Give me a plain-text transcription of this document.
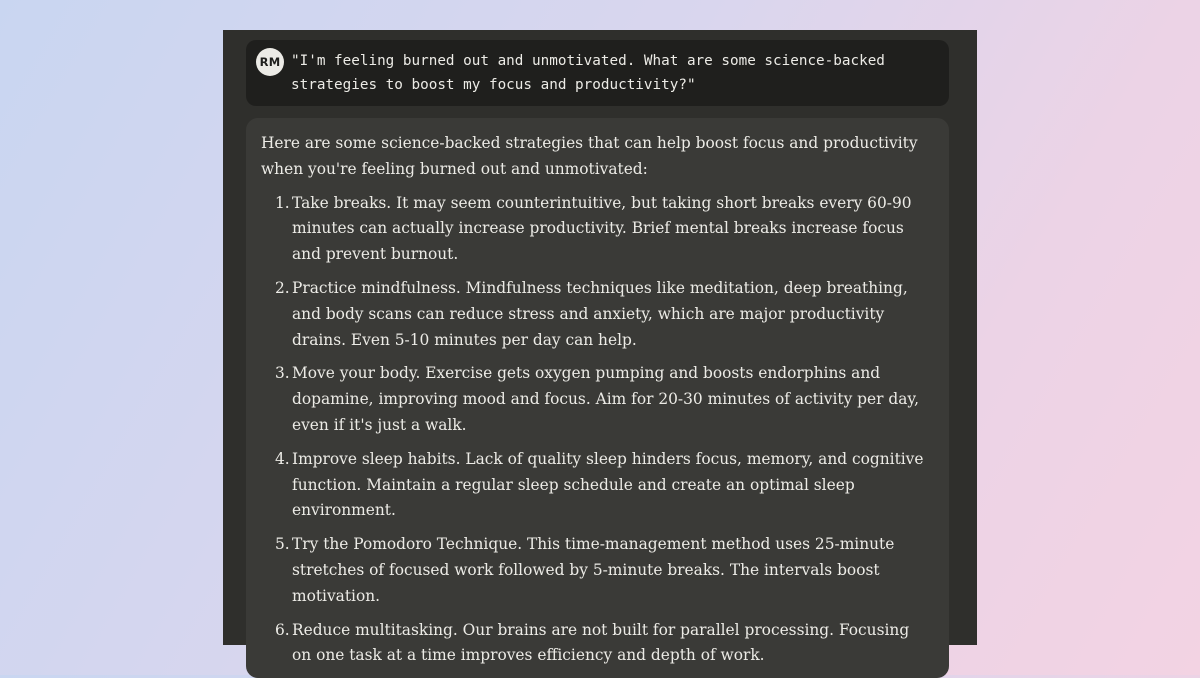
RM "I'm feeling burned out and unmotivated. What are some science-backed strategies to boost my focus and productivity?"

Here are some science-backed strategies that can help boost focus and productivity when you're feeling burned out and unmotivated:

1. Take breaks. It may seem counterintuitive, but taking short breaks every 60-90 minutes can actually increase productivity. Brief mental breaks increase focus and prevent burnout.
2. Practice mindfulness. Mindfulness techniques like meditation, deep breathing, and body scans can reduce stress and anxiety, which are major productivity drains. Even 5-10 minutes per day can help.
3. Move your body. Exercise gets oxygen pumping and boosts endorphins and dopamine, improving mood and focus. Aim for 20-30 minutes of activity per day, even if it's just a walk.
4. Improve sleep habits. Lack of quality sleep hinders focus, memory, and cognitive function. Maintain a regular sleep schedule and create an optimal sleep environment.
5. Try the Pomodoro Technique. This time-management method uses 25-minute stretches of focused work followed by 5-minute breaks. The intervals boost motivation.
6. Reduce multitasking. Our brains are not built for parallel processing. Focusing on one task at a time improves efficiency and depth of work.
